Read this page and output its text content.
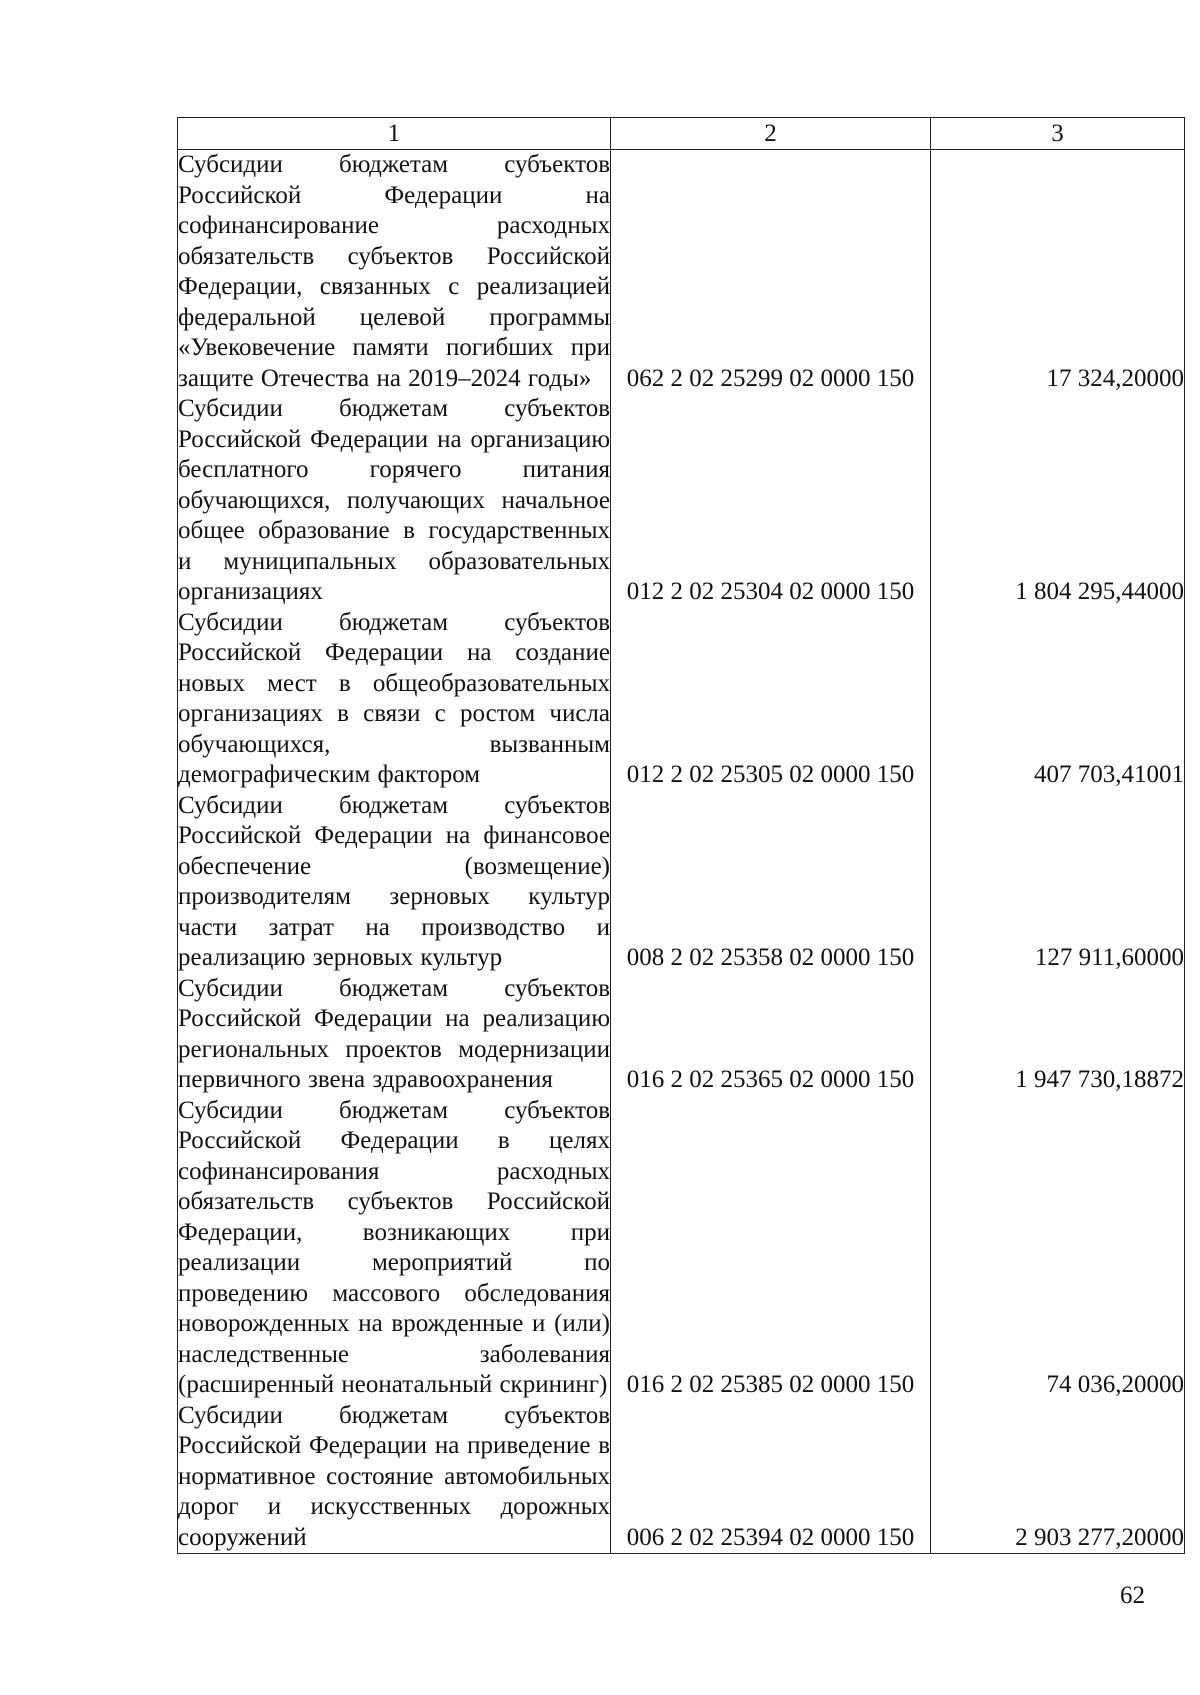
1	2	3
Субсидии бюджетам субъектов Российской Федерации на софинансирование расходных обязательств субъектов Российской Федерации, связанных с реализацией федеральной целевой программы «Увековечение памяти погибших при защите Отечества на 2019–2024 годы»	062 2 02 25299 02 0000 150	17 324,20000
Субсидии бюджетам субъектов Российской Федерации на организацию бесплатного горячего питания обучающихся, получающих начальное общее образование в государственных и муниципальных образовательных организациях	012 2 02 25304 02 0000 150	1 804 295,44000
Субсидии бюджетам субъектов Российской Федерации на создание новых мест в общеобразовательных организациях в связи с ростом числа обучающихся, вызванным демографическим фактором	012 2 02 25305 02 0000 150	407 703,41001
Субсидии бюджетам субъектов Российской Федерации на финансовое обеспечение (возмещение) производителям зерновых культур части затрат на производство и реализацию зерновых культур	008 2 02 25358 02 0000 150	127 911,60000
Субсидии бюджетам субъектов Российской Федерации на реализацию региональных проектов модернизации первичного звена здравоохранения	016 2 02 25365 02 0000 150	1 947 730,18872
Субсидии бюджетам субъектов Российской Федерации в целях софинансирования расходных обязательств субъектов Российской Федерации, возникающих при реализации мероприятий по проведению массового обследования новорожденных на врожденные и (или) наследственные заболевания (расширенный неонатальный скрининг)	016 2 02 25385 02 0000 150	74 036,20000
Субсидии бюджетам субъектов Российской Федерации на приведение в нормативное состояние автомобильных дорог и искусственных дорожных сооружений	006 2 02 25394 02 0000 150	2 903 277,20000
62
